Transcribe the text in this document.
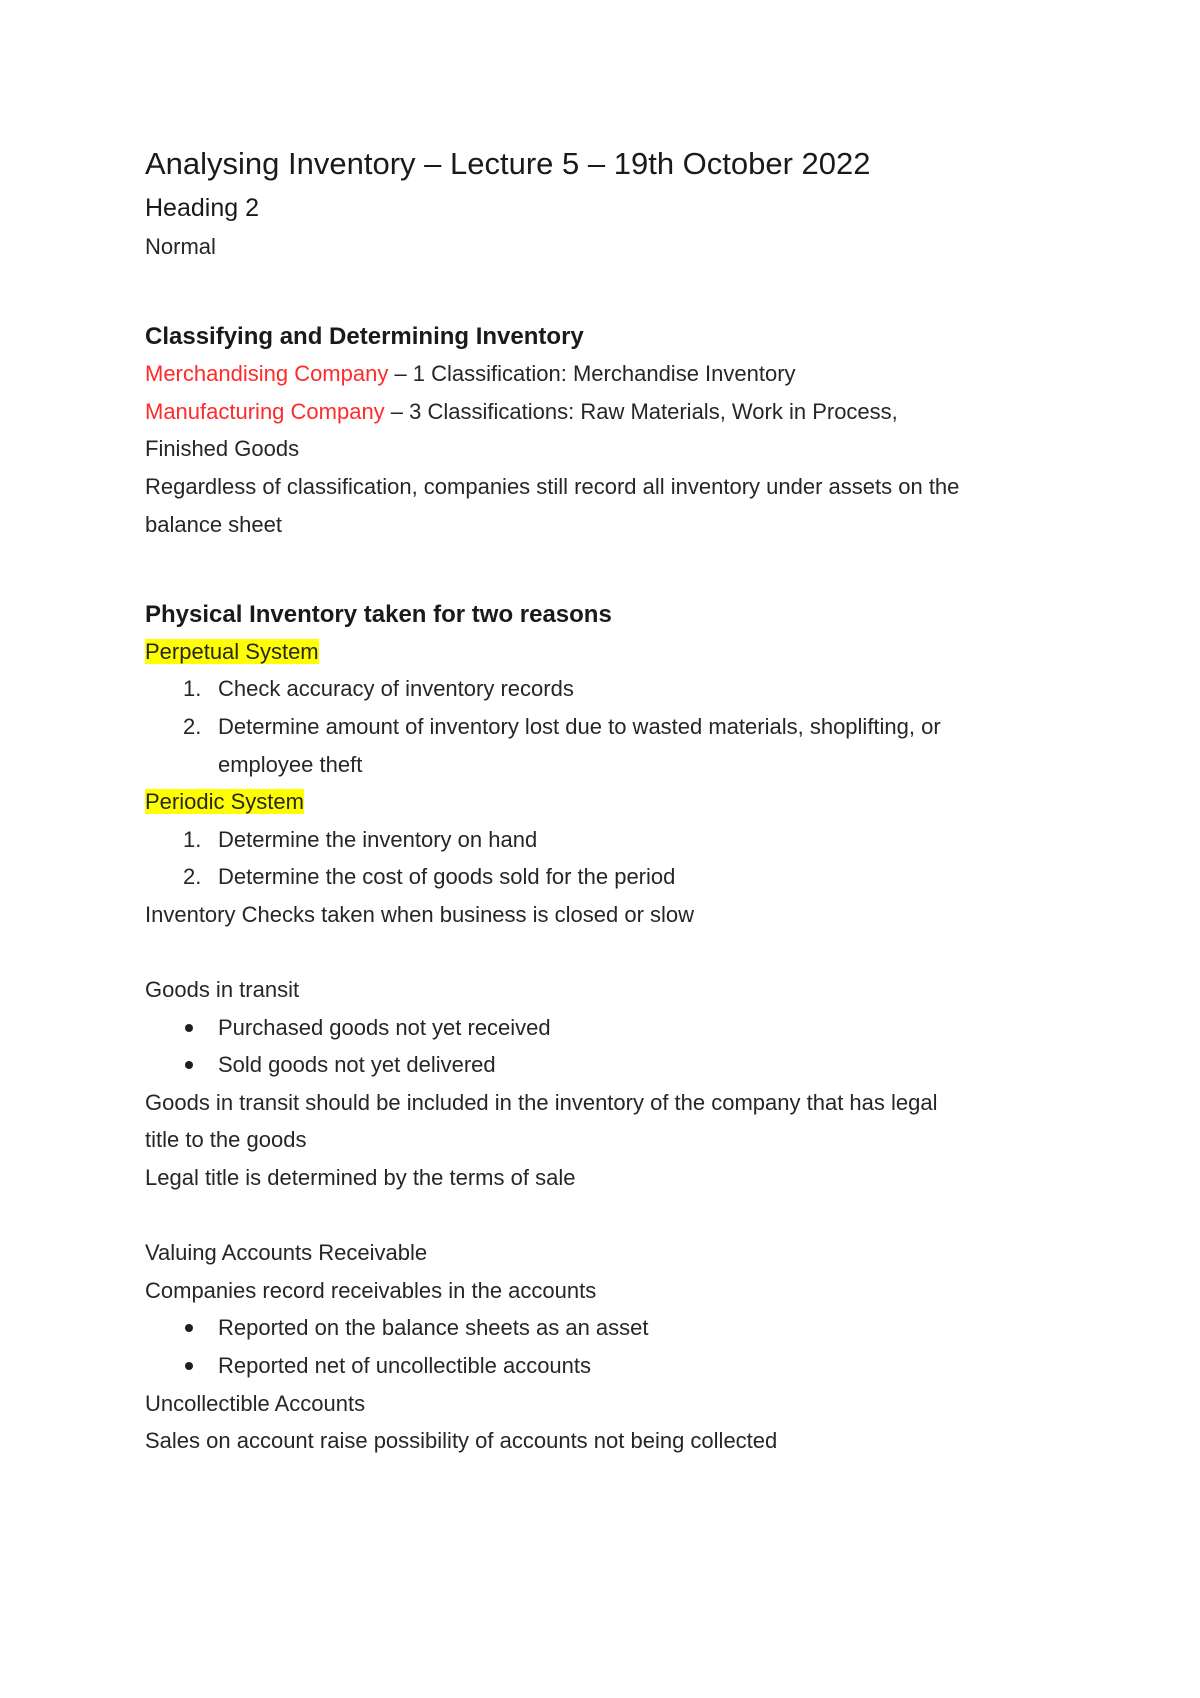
Analysing Inventory – Lecture 5 – 19th October 2022
Heading 2

Normal

Classifying and Determining Inventory

Merchandising Company – 1 Classification: Merchandise Inventory

Manufacturing Company – 3 Classifications: Raw Materials, Work in Process,

Finished Goods

Regardless of classification, companies still record all inventory under assets on the

balance sheet

Physical Inventory taken for two reasons

Perpetual System

1. Check accuracy of inventory records
2. Determine amount of inventory lost due to wasted materials, shoplifting, or
employee theft

Periodic System

1. Determine the inventory on hand
2. Determine the cost of goods sold for the period

Inventory Checks taken when business is closed or slow

Goods in transit

Purchased goods not yet received
Sold goods not yet delivered

Goods in transit should be included in the inventory of the company that has legal

title to the goods

Legal title is determined by the terms of sale

Valuing Accounts Receivable

Companies record receivables in the accounts

Reported on the balance sheets as an asset
Reported net of uncollectible accounts

Uncollectible Accounts

Sales on account raise possibility of accounts not being collected
